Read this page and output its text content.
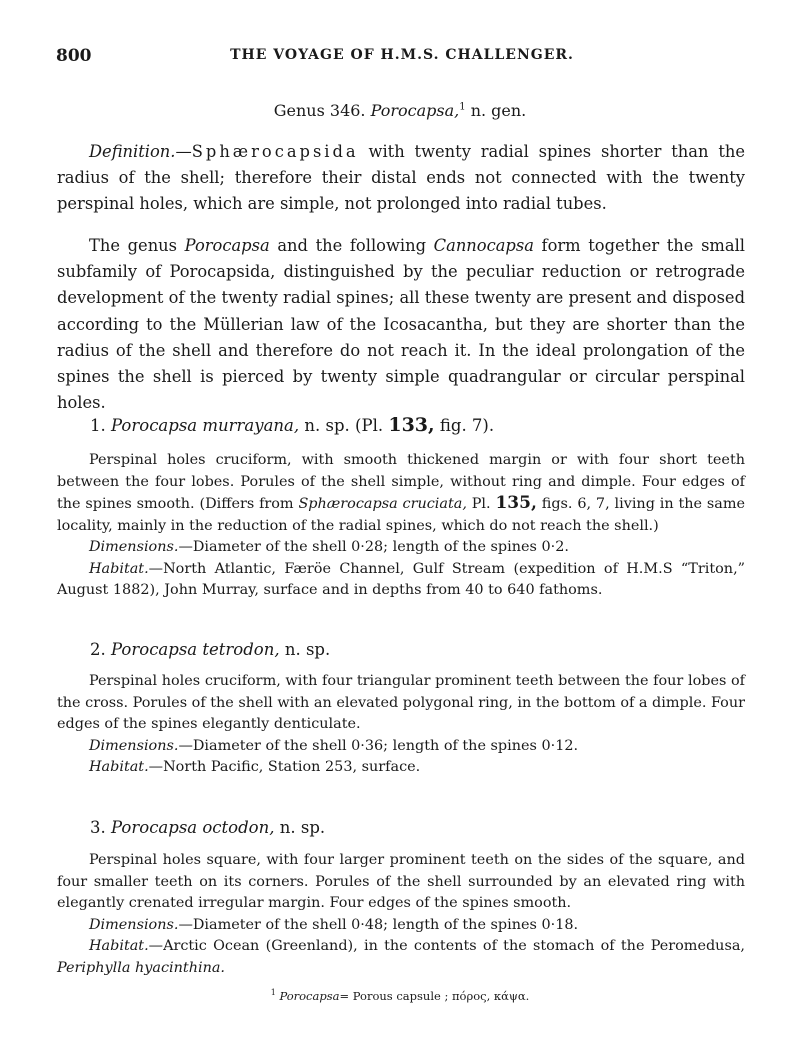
800	THE VOYAGE OF H.M.S. CHALLENGER.
Genus 346. Porocapsa,$^1$ n. gen.

Definition.—Sphærocapsida with twenty radial spines shorter than the radius of the shell; therefore their distal ends not connected with the twenty perspinal holes, which are simple, not prolonged into radial tubes.

The genus Porocapsa and the following Cannocapsa form together the small subfamily of Porocapsida, distinguished by the peculiar reduction or retrograde development of the twenty radial spines; all these twenty are present and disposed according to the Müllerian law of the Icosacantha, but they are shorter than the radius of the shell and therefore do not reach it. In the ideal prolongation of the spines the shell is pierced by twenty simple quadrangular or circular perspinal holes.

1. Porocapsa murrayana, n. sp. (Pl. 133, fig. 7).

Perspinal holes cruciform, with smooth thickened margin or with four short teeth between the four lobes. Porules of the shell simple, without ring and dimple. Four edges of the spines smooth. (Differs from Sphærocapsa cruciata, Pl. 135, figs. 6, 7, living in the same locality, mainly in the reduction of the radial spines, which do not reach the shell.)

Dimensions.—Diameter of the shell 0·28; length of the spines 0·2.

Habitat.—North Atlantic, Færöe Channel, Gulf Stream (expedition of H.M.S “Triton,” August 1882), John Murray, surface and in depths from 40 to 640 fathoms.

2. Porocapsa tetrodon, n. sp.

Perspinal holes cruciform, with four triangular prominent teeth between the four lobes of the cross. Porules of the shell with an elevated polygonal ring, in the bottom of a dimple. Four edges of the spines elegantly denticulate.

Dimensions.—Diameter of the shell 0·36; length of the spines 0·12.

Habitat.—North Pacific, Station 253, surface.

3. Porocapsa octodon, n. sp.

Perspinal holes square, with four larger prominent teeth on the sides of the square, and four smaller teeth on its corners. Porules of the shell surrounded by an elevated ring with elegantly crenated irregular margin. Four edges of the spines smooth.

Dimensions.—Diameter of the shell 0·48; length of the spines 0·18.

Habitat.—Arctic Ocean (Greenland), in the contents of the stomach of the Peromedusa, Periphylla hyacinthina.

$^1$ Porocapsa= Porous capsule ; πόρος, κάψα.
